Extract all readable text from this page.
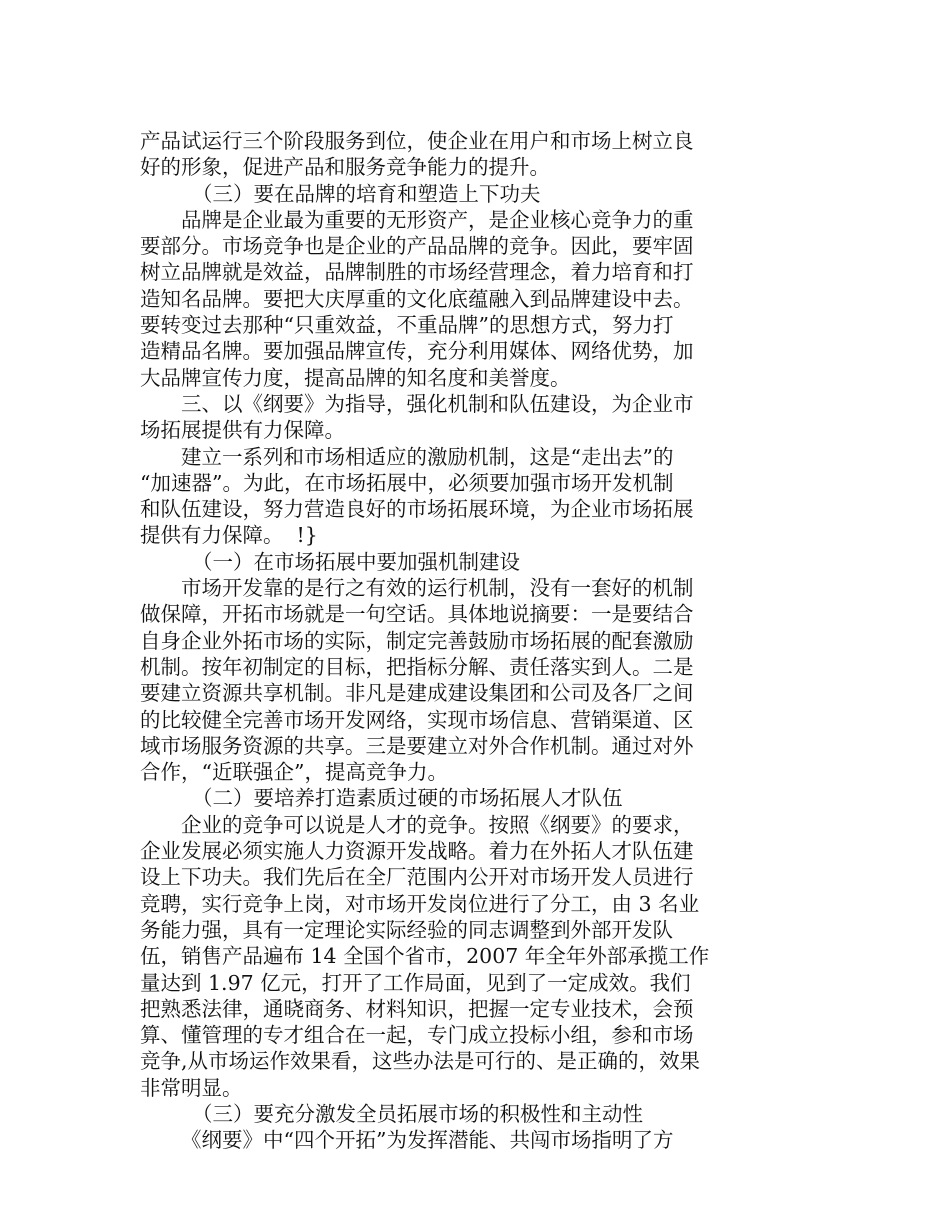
产品试运行三个阶段服务到位，使企业在用户和市场上树立良
好的形象，促进产品和服务竞争能力的提升。
（三）要在品牌的培育和塑造上下功夫
品牌是企业最为重要的无形资产，是企业核心竞争力的重
要部分。市场竞争也是企业的产品品牌的竞争。因此，要牢固
树立品牌就是效益，品牌制胜的市场经营理念，着力培育和打
造知名品牌。要把大庆厚重的文化底蕴融入到品牌建设中去。
要转变过去那种“只重效益，不重品牌”的思想方式，努力打
造精品名牌。要加强品牌宣传，充分利用媒体、网络优势，加
大品牌宣传力度，提高品牌的知名度和美誉度。
三、以《纲要》为指导，强化机制和队伍建设，为企业市
场拓展提供有力保障。
建立一系列和市场相适应的激励机制，这是“走出去”的
“加速器”。为此，在市场拓展中，必须要加强市场开发机制
和队伍建设，努力营造良好的市场拓展环境，为企业市场拓展
提供有力保障。  !}
（一）在市场拓展中要加强机制建设
市场开发靠的是行之有效的运行机制，没有一套好的机制
做保障，开拓市场就是一句空话。具体地说摘要：一是要结合
自身企业外拓市场的实际，制定完善鼓励市场拓展的配套激励
机制。按年初制定的目标，把指标分解、责任落实到人。二是
要建立资源共享机制。非凡是建成建设集团和公司及各厂之间
的比较健全完善市场开发网络，实现市场信息、营销渠道、区
域市场服务资源的共享。三是要建立对外合作机制。通过对外
合作，“近联强企”，提高竞争力。
（二）要培养打造素质过硬的市场拓展人才队伍
企业的竞争可以说是人才的竞争。按照《纲要》的要求，
企业发展必须实施人力资源开发战略。着力在外拓人才队伍建
设上下功夫。我们先后在全厂范围内公开对市场开发人员进行
竞聘，实行竞争上岗，对市场开发岗位进行了分工，由 3 名业
务能力强，具有一定理论实际经验的同志调整到外部开发队
伍，销售产品遍布 14 全国个省市，2007 年全年外部承揽工作
量达到 1.97 亿元，打开了工作局面，见到了一定成效。我们
把熟悉法律，通晓商务、材料知识，把握一定专业技术，会预
算、懂管理的专才组合在一起，专门成立投标小组，参和市场
竞争,从市场运作效果看，这些办法是可行的、是正确的，效果
非常明显。
（三）要充分激发全员拓展市场的积极性和主动性
《纲要》中“四个开拓”为发挥潜能、共闯市场指明了方
